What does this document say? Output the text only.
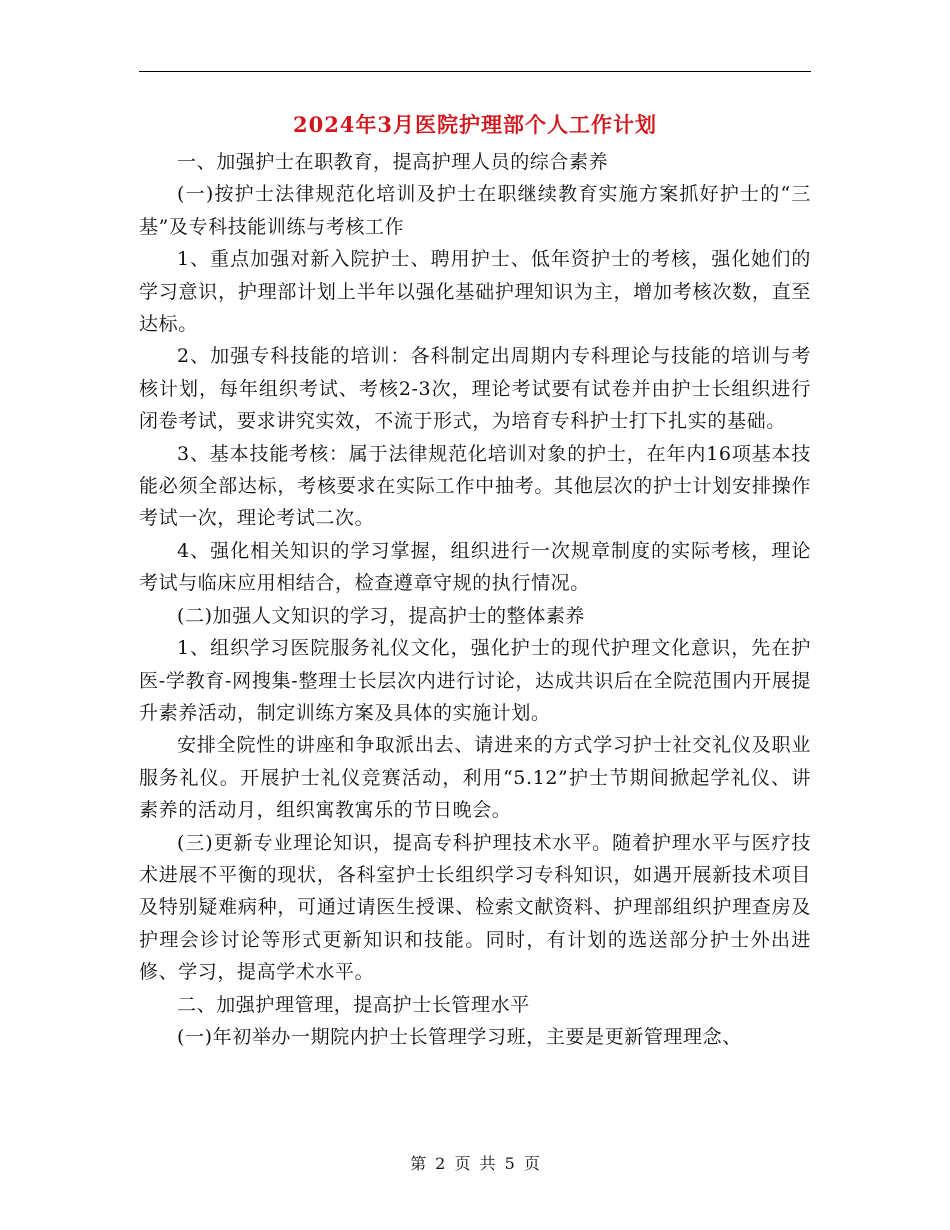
2024年3月医院护理部个人工作计划

一、加强护士在职教育，提高护理人员的综合素养

(一)按护士法律规范化培训及护士在职继续教育实施方案抓好护士的“三基”及专科技能训练与考核工作

1、重点加强对新入院护士、聘用护士、低年资护士的考核，强化她们的学习意识，护理部计划上半年以强化基础护理知识为主，增加考核次数，直至达标。

2、加强专科技能的培训：各科制定出周期内专科理论与技能的培训与考核计划，每年组织考试、考核2-3次，理论考试要有试卷并由护士长组织进行闭卷考试，要求讲究实效，不流于形式，为培育专科护士打下扎实的基础。

3、基本技能考核：属于法律规范化培训对象的护士，在年内16项基本技能必须全部达标，考核要求在实际工作中抽考。其他层次的护士计划安排操作考试一次，理论考试二次。

4、强化相关知识的学习掌握，组织进行一次规章制度的实际考核，理论考试与临床应用相结合，检查遵章守规的执行情况。

(二)加强人文知识的学习，提高护士的整体素养

1、组织学习医院服务礼仪文化，强化护士的现代护理文化意识，先在护医-学教育-网搜集-整理士长层次内进行讨论，达成共识后在全院范围内开展提升素养活动，制定训练方案及具体的实施计划。

安排全院性的讲座和争取派出去、请进来的方式学习护士社交礼仪及职业服务礼仪。开展护士礼仪竞赛活动，利用“5.12”护士节期间掀起学礼仪、讲素养的活动月，组织寓教寓乐的节日晚会。

(三)更新专业理论知识，提高专科护理技术水平。随着护理水平与医疗技术进展不平衡的现状，各科室护士长组织学习专科知识，如遇开展新技术项目及特别疑难病种，可通过请医生授课、检索文献资料、护理部组织护理查房及护理会诊讨论等形式更新知识和技能。同时，有计划的选送部分护士外出进修、学习，提高学术水平。

二、加强护理管理，提高护士长管理水平

(一)年初举办一期院内护士长管理学习班，主要是更新管理理念、

第 2 页 共 5 页
